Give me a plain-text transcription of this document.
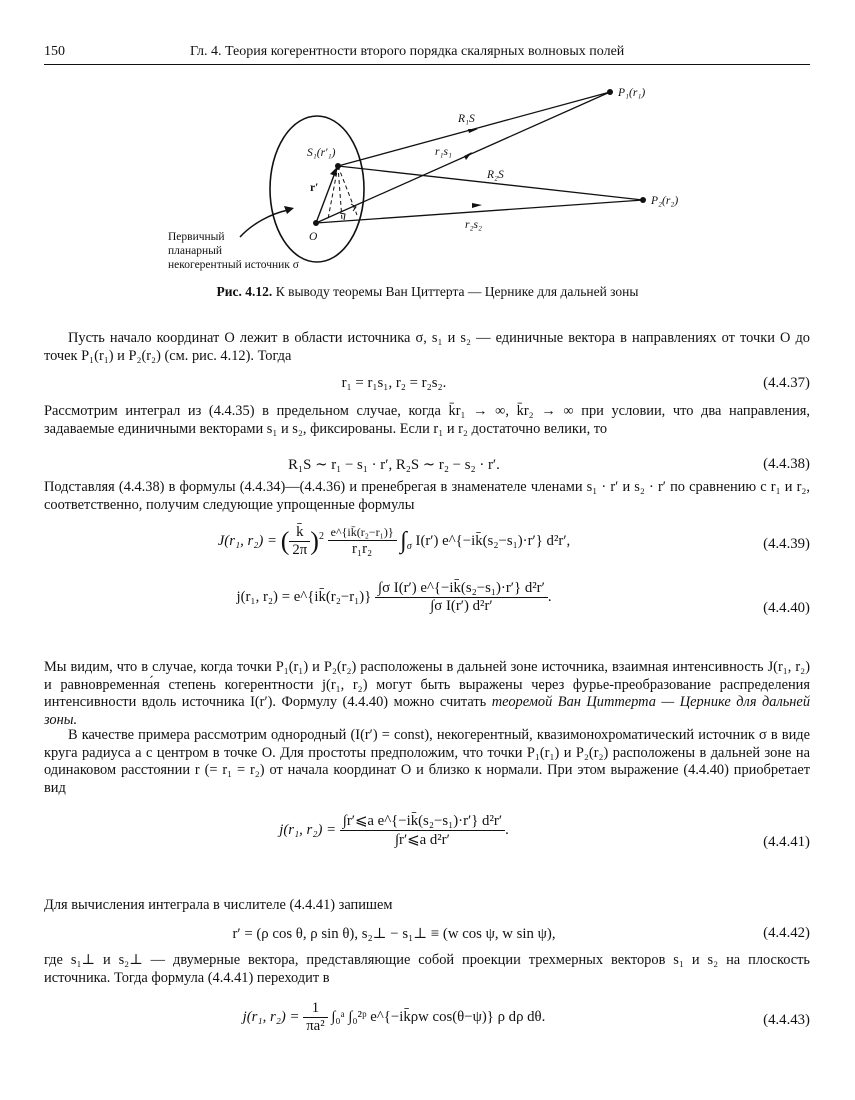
150	Гл. 4. Теория когерентности второго порядка скалярных волновых полей
P₁(r₁)
P₂(r₂)
R₁S
R₂S
r₁s₁
r₂s₂
S₁(r′₁)
r′
O
Первичный
планарный
некогерентный источник σ
Рис. 4.12. К выводу теоремы Ван Циттерта — Цернике для дальней зоны
Пусть начало координат O лежит в области источника σ, s₁ и s₂ — единичные вектора в направлениях от точки O до точек P₁(r₁) и P₂(r₂) (см. рис. 4.12). Тогда
r₁ = r₁s₁, r₂ = r₂s₂.	(4.4.37)
Рассмотрим интеграл из (4.4.35) в предельном случае, когда k̄r₁ → ∞, k̄r₂ → ∞ при условии, что два направления, задаваемые единичными векторами s₁ и s₂, фиксированы. Если r₁ и r₂ достаточно велики, то
R₁S ∼ r₁ − s₁ · r′, R₂S ∼ r₂ − s₂ · r′.	(4.4.38)
Подставляя (4.4.38) в формулы (4.4.34)—(4.4.36) и пренебрегая в знаменателе членами s₁ · r′ и s₂ · r′ по сравнению с r₁ и r₂, соответственно, получим следующие упрощенные формулы
J(r₁, r₂) = ( $\frac{k̄}{2\pi} )^2 \frac{\text{e\textasciicircum{}\{ik̄(r₂−r₁)\}}}{\text{r₁r₂}} \int_\sigma$ I(r′) e^{−ik̄(s₂−s₁)·r′} d²r′,	(4.4.39)
j(r₁, r₂) = e^{ik̄(r₂−r₁)} $\frac{\text{∫σ I(r′) e\textasciicircum{}\{−ik̄(s₂−s₁)·r′\} d²r′}}{\text{∫σ I(r′) d²r′}}$ .
(4.4.40)
Мы видим, что в случае, когда точки P₁(r₁) и P₂(r₂) расположены в дальней зоне источника, взаимная интенсивность J(r₁, r₂) и равновременна́я степень когерентности j(r₁, r₂) могут быть выражены через фурье-преобразование распределения интенсивности вдоль источника I(r′). Формулу (4.4.40) можно считать теоремой Ван Циттерта — Цернике для дальней зоны.
В качестве примера рассмотрим однородный (I(r′) = const), некогерентный, квазимонохроматический источник σ в виде круга радиуса a с центром в точке O. Для простоты предположим, что точки P₁(r₁) и P₂(r₂) расположены в дальней зоне на одинаковом расстоянии r (= r₁ = r₂) от начала координат O и близко к нормали. При этом выражение (4.4.40) приобретает вид
j(r₁, $r_2) = \frac{\text{∫r′⩽a e\textasciicircum{}\{−ik̄(s₂−s₁)·r′\} d²r′}}{\text{∫r′⩽a d²r′}}$ .
(4.4.41)
Для вычисления интеграла в числителе (4.4.41) запишем
r′ = (ρ cos θ, ρ sin θ), s₂⊥ − s₁⊥ ≡ (w cos ψ, w sin ψ),	(4.4.42)
где s₁⊥ и s₂⊥ — двумерные вектора, представляющие собой проекции трехмерных векторов s₁ и s₂ на плоскость источника. Тогда формула (4.4.41) переходит в
j(r₁, $r_2) = \frac{1}{\text{πa²}}$ ∫₀ᵃ ∫₀²ᵖ e^{−ik̄ρw cos(θ−ψ)} ρ dρ dθ.	(4.4.43)
